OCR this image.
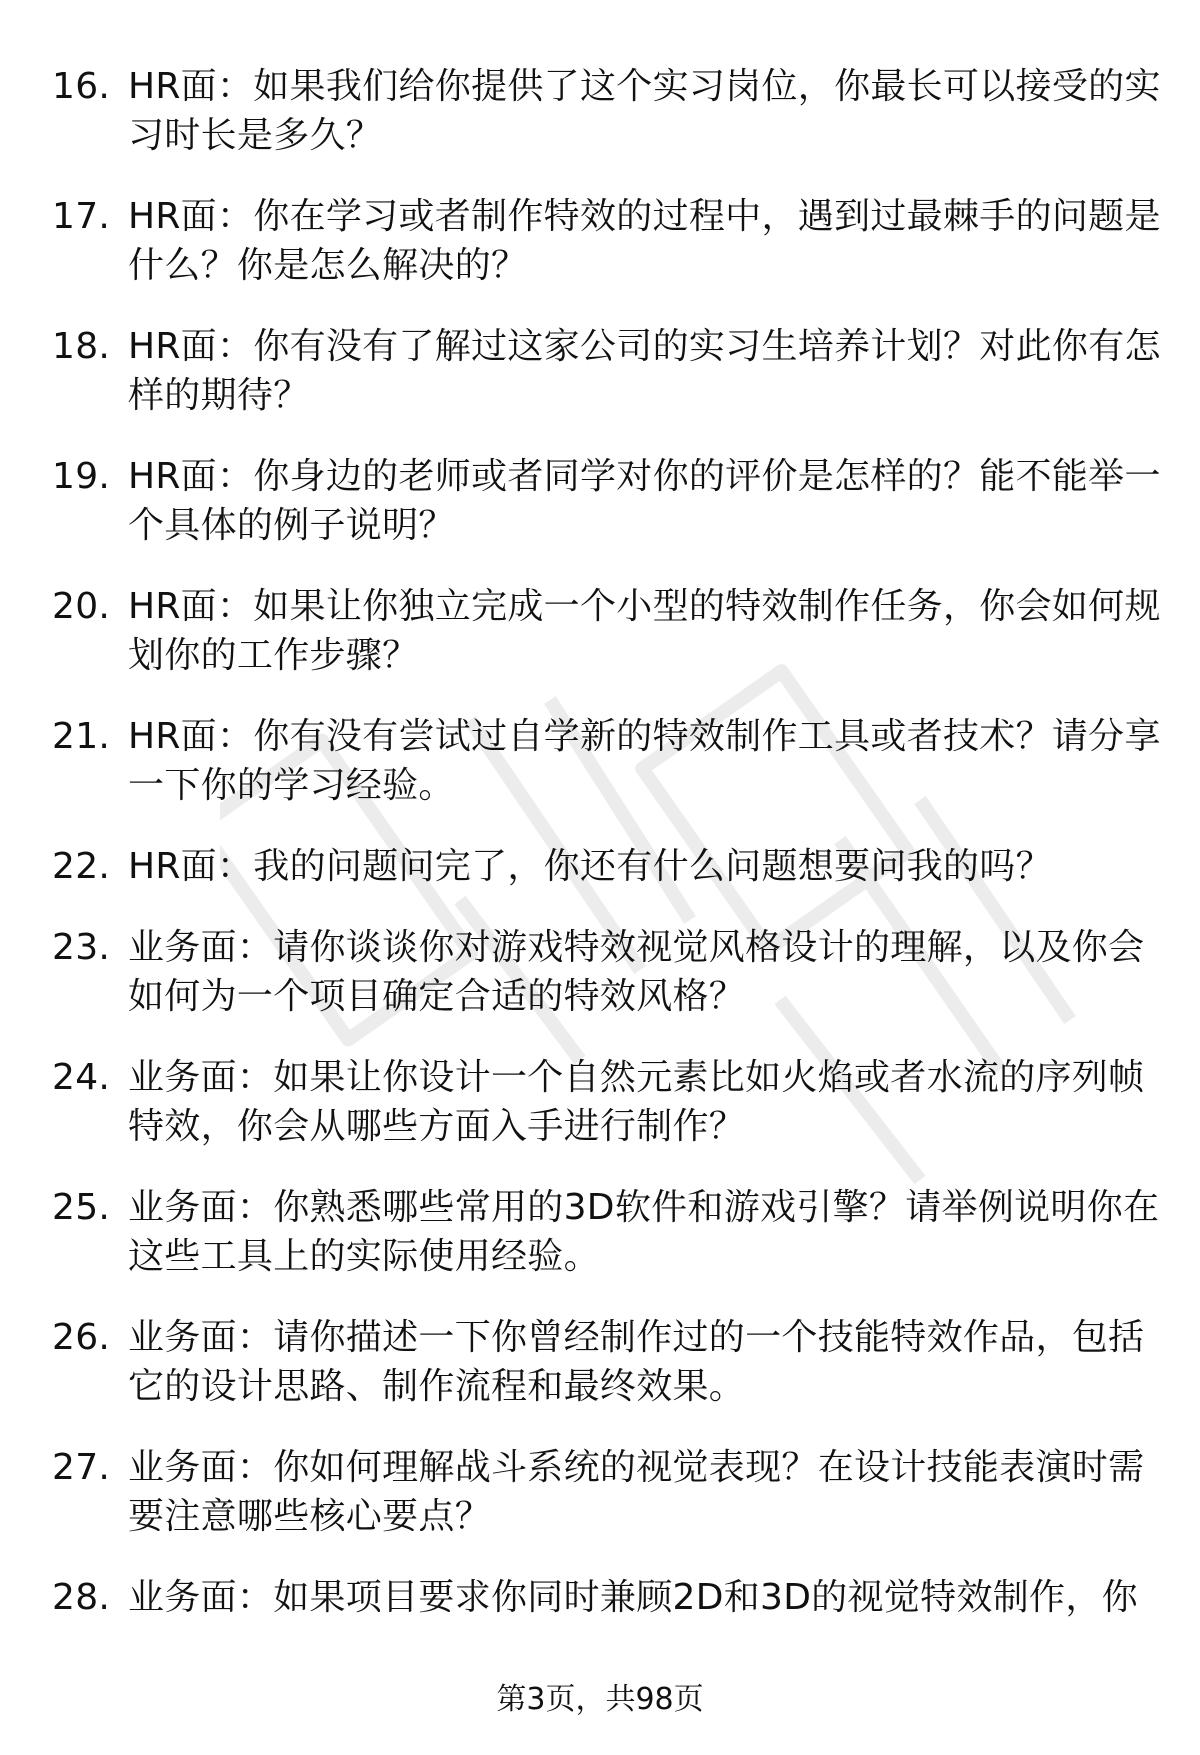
16. HR面：如果我们给你提供了这个实习岗位，你最长可以接受的实习时长是多久？
17. HR面：你在学习或者制作特效的过程中，遇到过最棘手的问题是什么？你是怎么解决的？
18. HR面：你有没有了解过这家公司的实习生培养计划？对此你有怎样的期待？
19. HR面：你身边的老师或者同学对你的评价是怎样的？能不能举一个具体的例子说明？
20. HR面：如果让你独立完成一个小型的特效制作任务，你会如何规划你的工作步骤？
21. HR面：你有没有尝试过自学新的特效制作工具或者技术？请分享一下你的学习经验。
22. HR面：我的问题问完了，你还有什么问题想要问我的吗？
23. 业务面：请你谈谈你对游戏特效视觉风格设计的理解，以及你会如何为一个项目确定合适的特效风格？
24. 业务面：如果让你设计一个自然元素比如火焰或者水流的序列帧特效，你会从哪些方面入手进行制作？
25. 业务面：你熟悉哪些常用的3D软件和游戏引擎？请举例说明你在这些工具上的实际使用经验。
26. 业务面：请你描述一下你曾经制作过的一个技能特效作品，包括它的设计思路、制作流程和最终效果。
27. 业务面：你如何理解战斗系统的视觉表现？在设计技能表演时需要注意哪些核心要点？
28. 业务面：如果项目要求你同时兼顾2D和3D的视觉特效制作，你
第3页，共98页
